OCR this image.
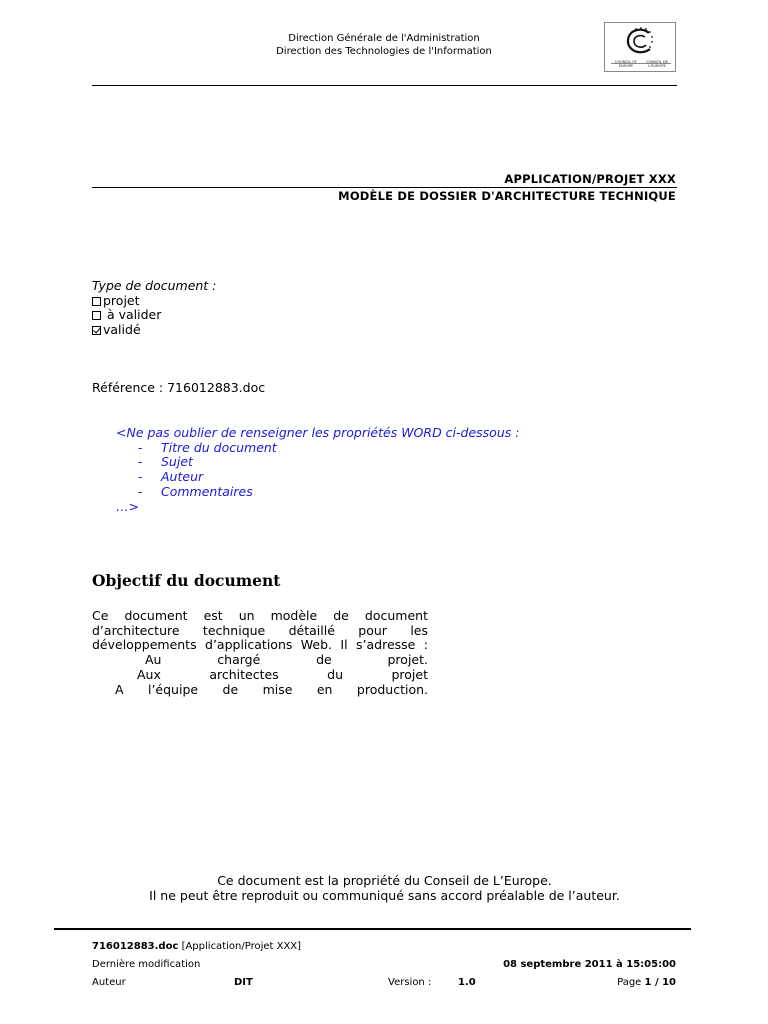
Direction Générale de l'Administration
Direction des Technologies de l'Information
COUNCIL OF EUROPE
CONSEIL DE L'EUROPE
APPLICATION/PROJET XXX
MODÈLE DE DOSSIER D'ARCHITECTURE TECHNIQUE
Type de document :
projet
à valider
validé
Référence : 716012883.doc
<Ne pas oublier de renseigner les propriétés WORD ci-dessous :
- Titre du document
- Sujet
- Auteur
- Commentaires
…>
Objectif du document

Ce document est un modèle de document

d’architecture technique détaillé pour les

développements d’applications Web. Il s’adresse :

Au chargé de projet.

Aux architectes du projet

A l’équipe de mise en production.

Ce document est la propriété du Conseil de L’Europe.
Il ne peut être reproduit ou communiqué sans accord préalable de l’auteur.
716012883.doc [Application/Projet XXX]
Dernière modification	08 septembre 2011 à 15:05:00
Auteur	DIT	Version :	1.0	Page 1 / 10
